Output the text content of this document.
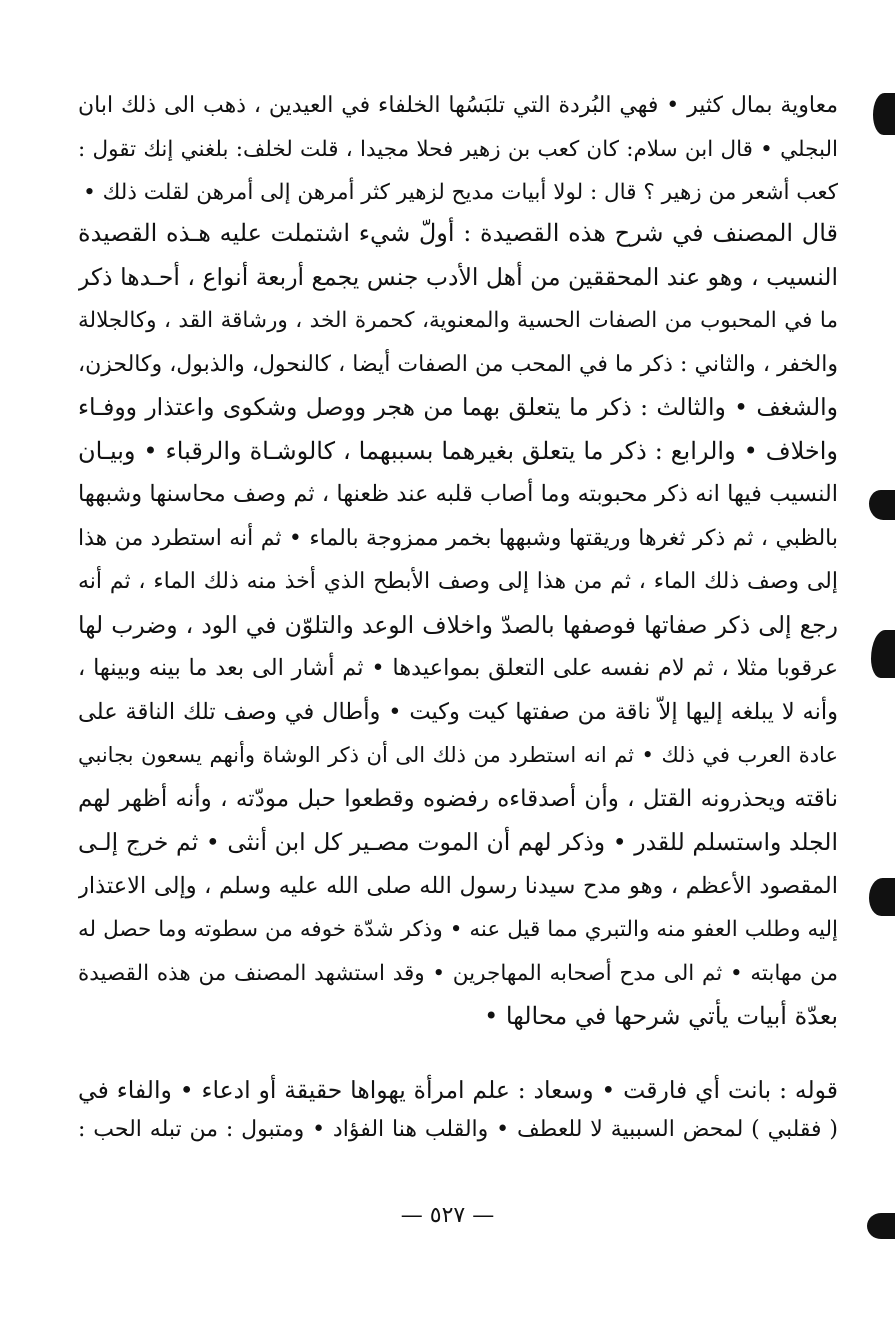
معاوية بمال كثير • فهي البُردة التي تلبَسُها الخلفاء في العيدين ، ذهب الى ذلك ابان
البجلي • قال ابن سلام: كان كعب بن زهير فحلا مجيدا ، قلت لخلف: بلغني إنك تقول :
كعب أشعر من زهير ؟ قال : لولا أبيات مديح لزهير كثر أمرهن إلى أمرهن لقلت ذلك •
قال المصنف في شرح هذه القصيدة : أولّ شيء اشتملت عليه هـذه القصيدة
النسيب ، وهو عند المحققين من أهل الأدب جنس يجمع أربعة أنواع ، أحـدها ذكر
ما في المحبوب من الصفات الحسية والمعنوية، كحمرة الخد ، ورشاقة القد ، وكالجلالة
والخفر ، والثاني : ذكر ما في المحب من الصفات أيضا ، كالنحول، والذبول، وكالحزن،
والشغف • والثالث : ذكر ما يتعلق بهما من هجر ووصل وشكوى واعتذار ووفـاء
واخلاف • والرابع : ذكر ما يتعلق بغيرهما بسببهما ، كالوشـاة والرقباء • وبيـان
النسيب فيها انه ذكر محبوبته وما أصاب قلبه عند ظعنها ، ثم وصف محاسنها وشبهها
بالظبي ، ثم ذكر ثغرها وريقتها وشبهها بخمر ممزوجة بالماء • ثم أنه استطرد من هذا
إلى وصف ذلك الماء ، ثم من هذا إلى وصف الأبطح الذي أخذ منه ذلك الماء ، ثم أنه
رجع إلى ذكر صفاتها فوصفها بالصدّ واخلاف الوعد والتلوّن في الود ، وضرب لها
عرقوبا مثلا ، ثم لام نفسه على التعلق بمواعيدها • ثم أشار الى بعد ما بينه وبينها ،
وأنه لا يبلغه إليها إلاّ ناقة من صفتها كيت وكيت • وأطال في وصف تلك الناقة على
عادة العرب في ذلك • ثم انه استطرد من ذلك الى أن ذكر الوشاة وأنهم يسعون بجانبي
ناقته ويحذرونه القتل ، وأن أصدقاءه رفضوه وقطعوا حبل مودّته ، وأنه أظهر لهم
الجلد واستسلم للقدر • وذكر لهم أن الموت مصـير كل ابن أنثى • ثم خرج إلـى
المقصود الأعظم ، وهو مدح سيدنا رسول الله صلى الله عليه وسلم ، وإلى الاعتذار
إليه وطلب العفو منه والتبري مما قيل عنه • وذكر شدّة خوفه من سطوته وما حصل له
من مهابته • ثم الى مدح أصحابه المهاجرين • وقد استشهد المصنف من هذه القصيدة
بعدّة أبيات يأتي شرحها في محالها •
قوله : بانت أي فارقت • وسعاد : علم امرأة يهواها حقيقة أو ادعاء • والفاء في
( فقلبي ) لمحض السببية لا للعطف • والقلب هنا الفؤاد • ومتبول : من تبله الحب :
— ٥٢٧ —
